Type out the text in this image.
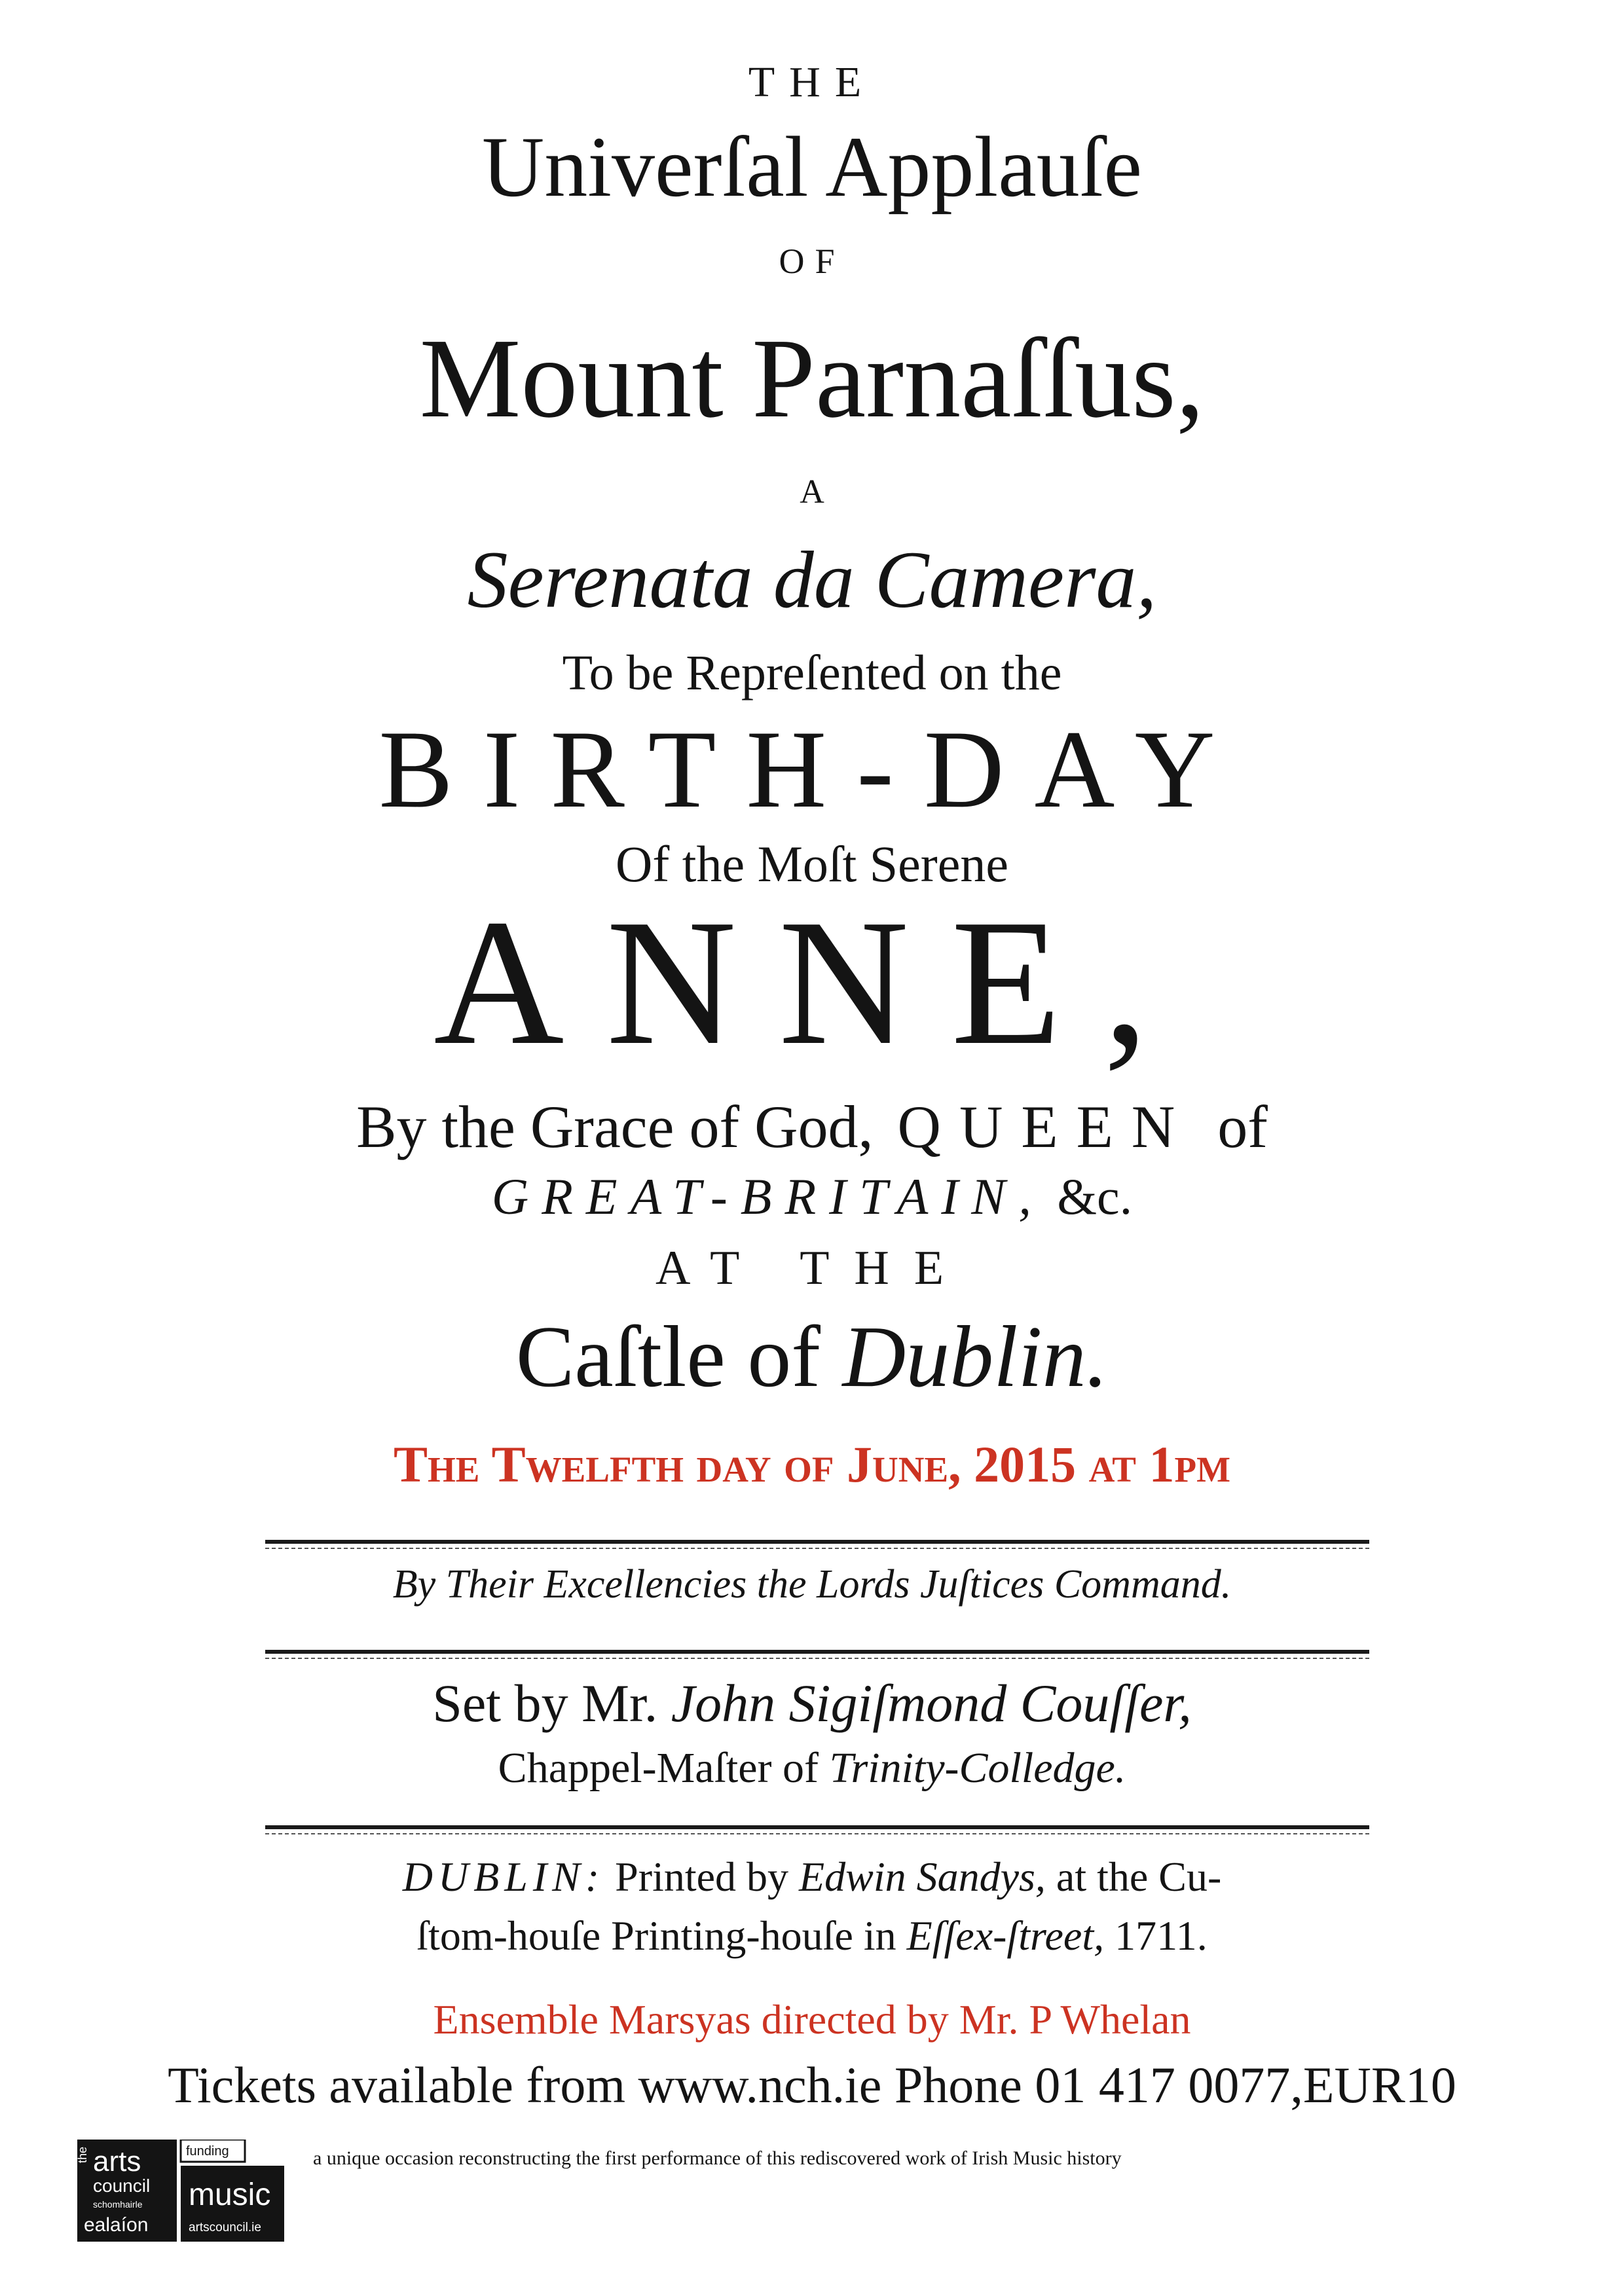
THE
Univerſal Applauſe
OF
Mount Parnaſſus,
A
Serenata da Camera,
To be Repreſented on the
BIRTH-DAY
Of the Moſt Serene
ANNE,
By the Grace of God, QUEEN of
GREAT-BRITAIN, &c.
AT THE
Caſtle of Dublin.
The Twelfth day of June, 2015 at 1pm
By Their Excellencies the Lords Juſtices Command.
Set by Mr. John Sigiſmond Couſſer,
Chappel-Maſter of Trinity-Colledge.
DUBLIN: Printed by Edwin Sandys, at the Cu-
ſtom-houſe Printing-houſe in Eſſex-ſtreet, 1711.
Ensemble Marsyas directed by Mr. P Whelan
Tickets available from www.nch.ie Phone 01 417 0077,EUR10
the arts
council
schomhairle
ealaíon
funding
music
artscouncil.ie
a unique occasion reconstructing the first performance of this rediscovered work of Irish Music history
